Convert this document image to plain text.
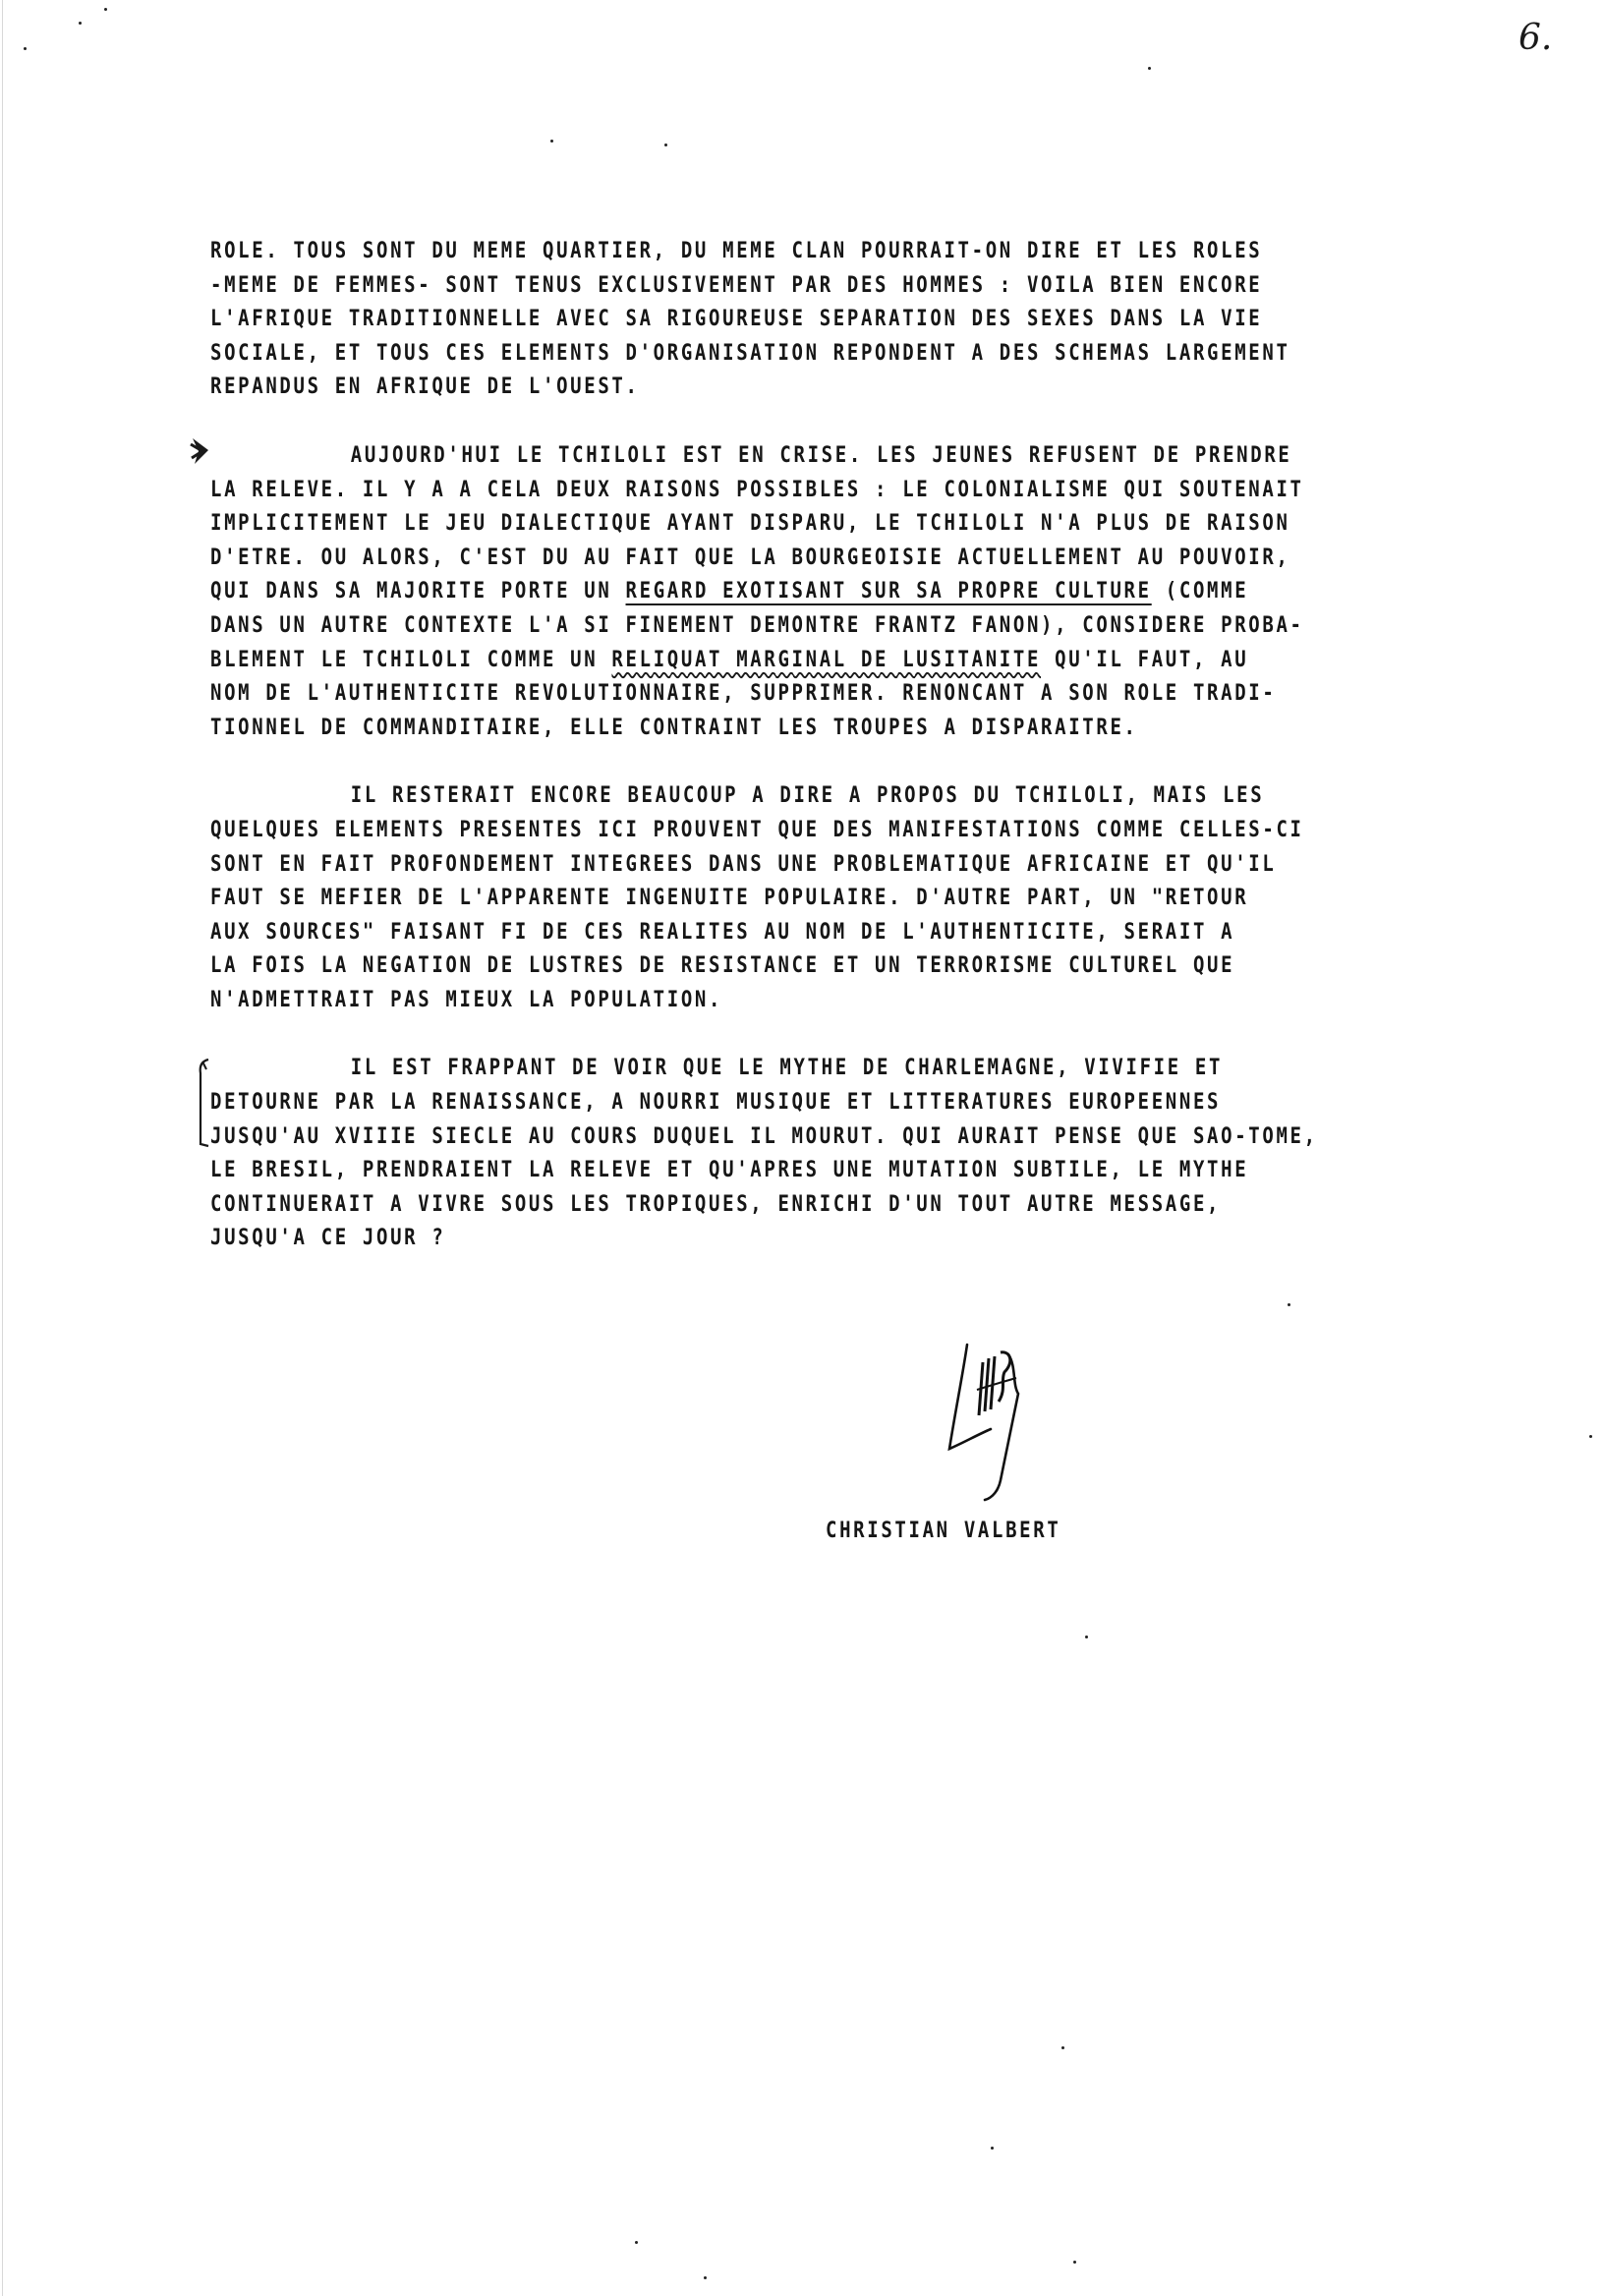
6.
ROLE. TOUS SONT DU MEME QUARTIER, DU MEME CLAN POURRAIT-ON DIRE ET LES ROLES
-MEME DE FEMMES- SONT TENUS EXCLUSIVEMENT PAR DES HOMMES : VOILA BIEN ENCORE
L'AFRIQUE TRADITIONNELLE AVEC SA RIGOUREUSE SEPARATION DES SEXES DANS LA VIE
SOCIALE, ET TOUS CES ELEMENTS D'ORGANISATION REPONDENT A DES SCHEMAS LARGEMENT
REPANDUS EN AFRIQUE DE L'OUEST.
AUJOURD'HUI LE TCHILOLI EST EN CRISE. LES JEUNES REFUSENT DE PRENDRE
LA RELEVE. IL Y A A CELA DEUX RAISONS POSSIBLES : LE COLONIALISME QUI SOUTENAIT
IMPLICITEMENT LE JEU DIALECTIQUE AYANT DISPARU, LE TCHILOLI N'A PLUS DE RAISON
D'ETRE. OU ALORS, C'EST DU AU FAIT QUE LA BOURGEOISIE ACTUELLEMENT AU POUVOIR,
QUI DANS SA MAJORITE PORTE UN REGARD EXOTISANT SUR SA PROPRE CULTURE (COMME
DANS UN AUTRE CONTEXTE L'A SI FINEMENT DEMONTRE FRANTZ FANON), CONSIDERE PROBA-
BLEMENT LE TCHILOLI COMME UN RELIQUAT MARGINAL DE LUSITANITE QU'IL FAUT, AU
NOM DE L'AUTHENTICITE REVOLUTIONNAIRE, SUPPRIMER. RENONCANT A SON ROLE TRADI-
TIONNEL DE COMMANDITAIRE, ELLE CONTRAINT LES TROUPES A DISPARAITRE.
IL RESTERAIT ENCORE BEAUCOUP A DIRE A PROPOS DU TCHILOLI, MAIS LES
QUELQUES ELEMENTS PRESENTES ICI PROUVENT QUE DES MANIFESTATIONS COMME CELLES-CI
SONT EN FAIT PROFONDEMENT INTEGREES DANS UNE PROBLEMATIQUE AFRICAINE ET QU'IL
FAUT SE MEFIER DE L'APPARENTE INGENUITE POPULAIRE. D'AUTRE PART, UN "RETOUR
AUX SOURCES" FAISANT FI DE CES REALITES AU NOM DE L'AUTHENTICITE, SERAIT A
LA FOIS LA NEGATION DE LUSTRES DE RESISTANCE ET UN TERRORISME CULTUREL QUE
N'ADMETTRAIT PAS MIEUX LA POPULATION.
IL EST FRAPPANT DE VOIR QUE LE MYTHE DE CHARLEMAGNE, VIVIFIE ET
DETOURNE PAR LA RENAISSANCE, A NOURRI MUSIQUE ET LITTERATURES EUROPEENNES
JUSQU'AU XVIIIE SIECLE AU COURS DUQUEL IL MOURUT. QUI AURAIT PENSE QUE SAO-TOME,
LE BRESIL, PRENDRAIENT LA RELEVE ET QU'APRES UNE MUTATION SUBTILE, LE MYTHE
CONTINUERAIT A VIVRE SOUS LES TROPIQUES, ENRICHI D'UN TOUT AUTRE MESSAGE,
JUSQU'A CE JOUR ?
CHRISTIAN VALBERT
